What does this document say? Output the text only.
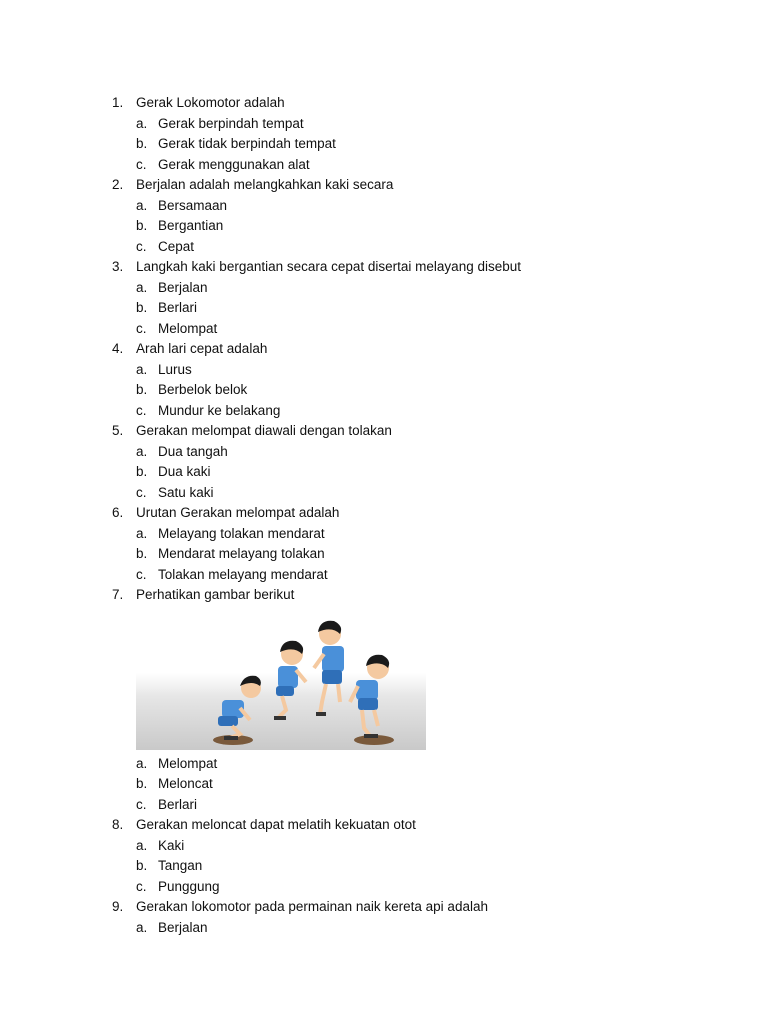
1. Gerak Lokomotor adalah
a. Gerak berpindah tempat
b. Gerak tidak berpindah tempat
c. Gerak menggunakan alat
2. Berjalan adalah melangkahkan kaki secara
a. Bersamaan
b. Bergantian
c. Cepat
3. Langkah kaki bergantian secara cepat disertai melayang disebut
a. Berjalan
b. Berlari
c. Melompat
4. Arah lari cepat adalah
a. Lurus
b. Berbelok belok
c. Mundur ke belakang
5. Gerakan melompat diawali dengan tolakan
a. Dua tangah
b. Dua kaki
c. Satu kaki
6. Urutan Gerakan melompat adalah
a. Melayang tolakan mendarat
b. Mendarat melayang tolakan
c. Tolakan melayang mendarat
7. Perhatikan gambar berikut
a. Melompat
b. Meloncat
c. Berlari
8. Gerakan meloncat dapat melatih kekuatan otot
a. Kaki
b. Tangan
c. Punggung
9. Gerakan lokomotor pada permainan naik kereta api adalah
a. Berjalan
